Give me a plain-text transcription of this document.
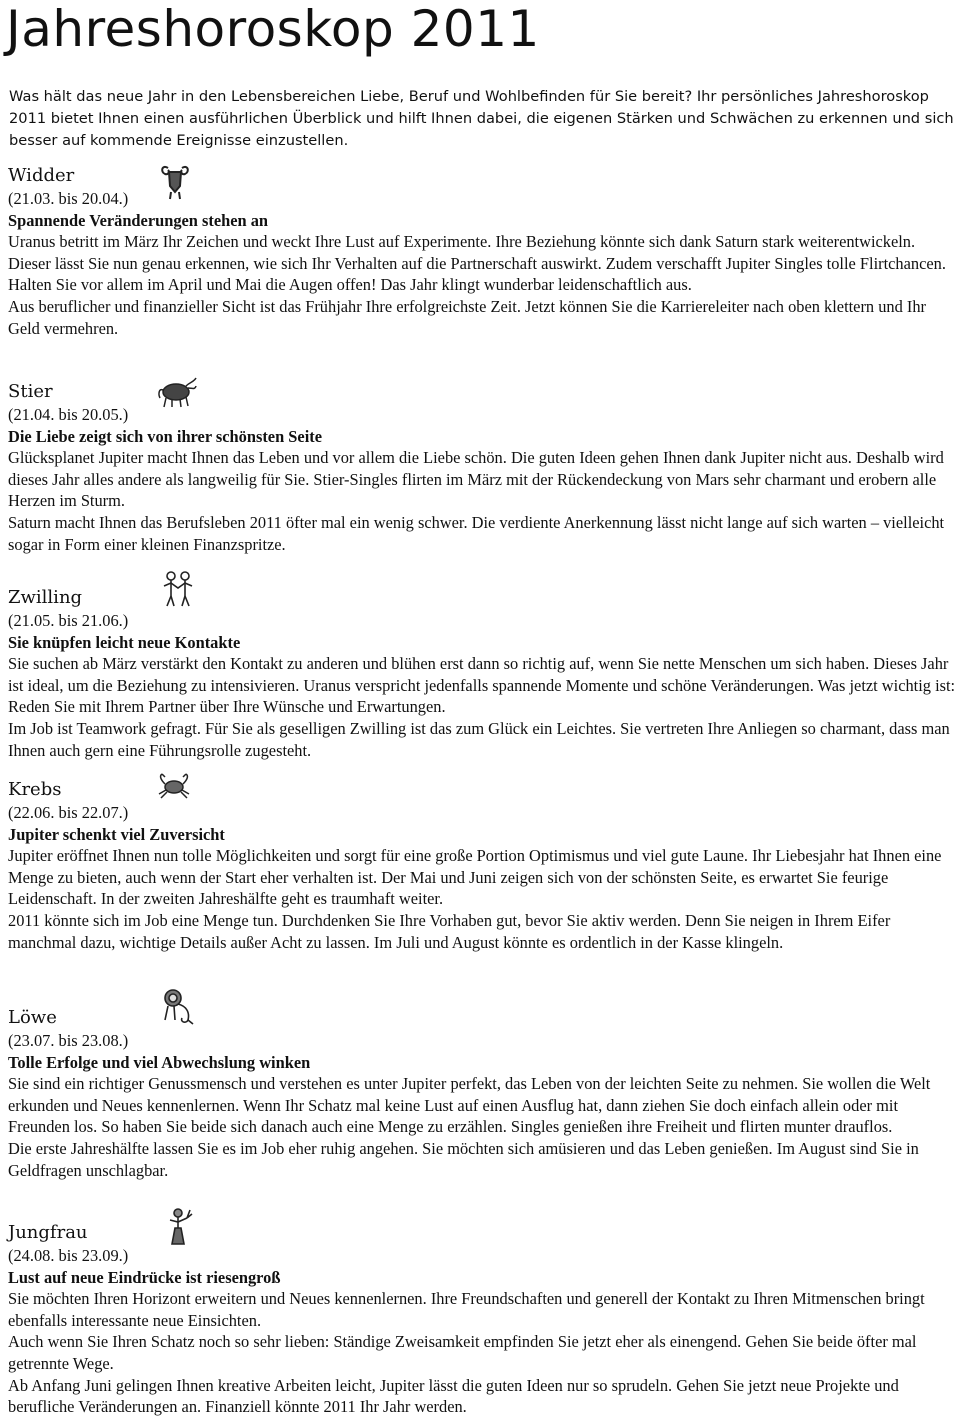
Jahreshoroskop 2011
Was hält das neue Jahr in den Lebensbereichen Liebe, Beruf und Wohlbefinden für Sie bereit? Ihr persönliches Jahreshoroskop 2011 bietet Ihnen einen ausführlichen Überblick und hilft Ihnen dabei, die eigenen Stärken und Schwächen zu erkennen und sich besser auf kommende Ereignisse einzustellen.
Widder
(21.03. bis 20.04.)
Spannende Veränderungen stehen an
Uranus betritt im März Ihr Zeichen und weckt Ihre Lust auf Experimente. Ihre Beziehung könnte sich dank Saturn stark weiterentwickeln. Dieser lässt Sie nun genau erkennen, wie sich Ihr Verhalten auf die Partnerschaft auswirkt. Zudem verschafft Jupiter Singles tolle Flirtchancen. Halten Sie vor allem im April und Mai die Augen offen! Das Jahr klingt wunderbar leidenschaftlich aus.
Aus beruflicher und finanzieller Sicht ist das Frühjahr Ihre erfolgreichste Zeit. Jetzt können Sie die Karriereleiter nach oben klettern und Ihr Geld vermehren.
Stier
(21.04. bis 20.05.)
Die Liebe zeigt sich von ihrer schönsten Seite
Glücksplanet Jupiter macht Ihnen das Leben und vor allem die Liebe schön. Die guten Ideen gehen Ihnen dank Jupiter nicht aus. Deshalb wird dieses Jahr alles andere als langweilig für Sie. Stier-Singles flirten im März mit der Rückendeckung von Mars sehr charmant und erobern alle Herzen im Sturm.
Saturn macht Ihnen das Berufsleben 2011 öfter mal ein wenig schwer. Die verdiente Anerkennung lässt nicht lange auf sich warten – vielleicht sogar in Form einer kleinen Finanzspritze.
Zwilling
(21.05. bis 21.06.)
Sie knüpfen leicht neue Kontakte
Sie suchen ab März verstärkt den Kontakt zu anderen und blühen erst dann so richtig auf, wenn Sie nette Menschen um sich haben. Dieses Jahr ist ideal, um die Beziehung zu intensivieren. Uranus verspricht jedenfalls spannende Momente und schöne Veränderungen. Was jetzt wichtig ist: Reden Sie mit Ihrem Partner über Ihre Wünsche und Erwartungen.
Im Job ist Teamwork gefragt. Für Sie als geselligen Zwilling ist das zum Glück ein Leichtes. Sie vertreten Ihre Anliegen so charmant, dass man Ihnen auch gern eine Führungsrolle zugesteht.
Krebs
(22.06. bis 22.07.)
Jupiter schenkt viel Zuversicht
Jupiter eröffnet Ihnen nun tolle Möglichkeiten und sorgt für eine große Portion Optimismus und viel gute Laune. Ihr Liebesjahr hat Ihnen eine Menge zu bieten, auch wenn der Start eher verhalten ist. Der Mai und Juni zeigen sich von der schönsten Seite, es erwartet Sie feurige Leidenschaft. In der zweiten Jahreshälfte geht es traumhaft weiter.
2011 könnte sich im Job eine Menge tun. Durchdenken Sie Ihre Vorhaben gut, bevor Sie aktiv werden. Denn Sie neigen in Ihrem Eifer manchmal dazu, wichtige Details außer Acht zu lassen. Im Juli und August könnte es ordentlich in der Kasse klingeln.
Löwe
(23.07. bis 23.08.)
Tolle Erfolge und viel Abwechslung winken
Sie sind ein richtiger Genussmensch und verstehen es unter Jupiter perfekt, das Leben von der leichten Seite zu nehmen. Sie wollen die Welt erkunden und Neues kennenlernen. Wenn Ihr Schatz mal keine Lust auf einen Ausflug hat, dann ziehen Sie doch einfach allein oder mit Freunden los. So haben Sie beide sich danach auch eine Menge zu erzählen. Singles genießen ihre Freiheit und flirten munter drauflos.
Die erste Jahreshälfte lassen Sie es im Job eher ruhig angehen. Sie möchten sich amüsieren und das Leben genießen. Im August sind Sie in Geldfragen unschlagbar.
Jungfrau
(24.08. bis 23.09.)
Lust auf neue Eindrücke ist riesengroß
Sie möchten Ihren Horizont erweitern und Neues kennenlernen. Ihre Freundschaften und generell der Kontakt zu Ihren Mitmenschen bringt ebenfalls interessante neue Einsichten.
Auch wenn Sie Ihren Schatz noch so sehr lieben: Ständige Zweisamkeit empfinden Sie jetzt eher als einengend. Gehen Sie beide öfter mal getrennte Wege.
Ab Anfang Juni gelingen Ihnen kreative Arbeiten leicht, Jupiter lässt die guten Ideen nur so sprudeln. Gehen Sie jetzt neue Projekte und berufliche Veränderungen an. Finanziell könnte 2011 Ihr Jahr werden.
